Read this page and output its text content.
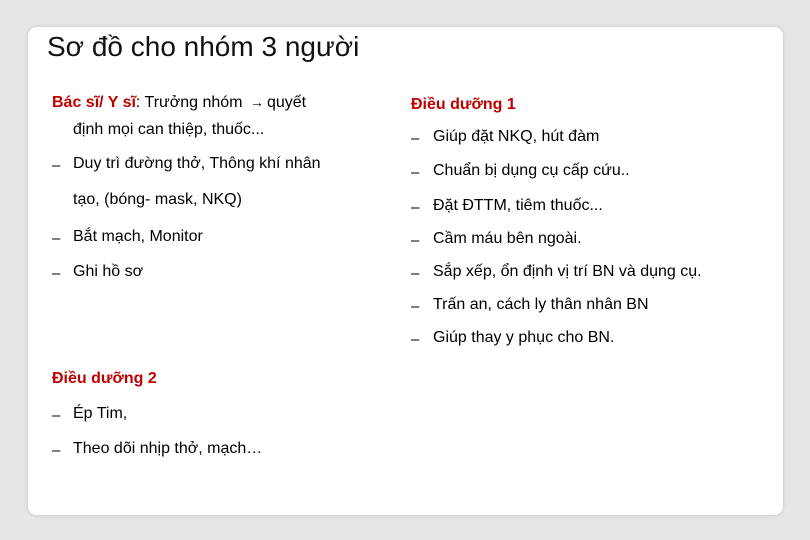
Sơ đồ cho nhóm 3 người
Bác sĩ/ Y sĩ: Trưởng nhóm → quyết
định mọi can thiệp, thuốc...
– Duy trì đường thở, Thông khí nhân
tạo, (bóng- mask, NKQ)
– Bắt mạch, Monitor
– Ghi hồ sơ
Điều dưỡng 1
– Giúp đặt NKQ, hút đàm
– Chuẩn bị dụng cụ cấp cứu..
– Đặt ĐTTM, tiêm thuốc...
– Cầm máu bên ngoài.
– Sắp xếp, ổn định vị trí BN và dụng cụ.
– Trấn an, cách ly thân nhân BN
– Giúp thay y phục cho BN.
Điều dưỡng 2
– Ép Tim,
– Theo dõi nhịp thở, mạch…
